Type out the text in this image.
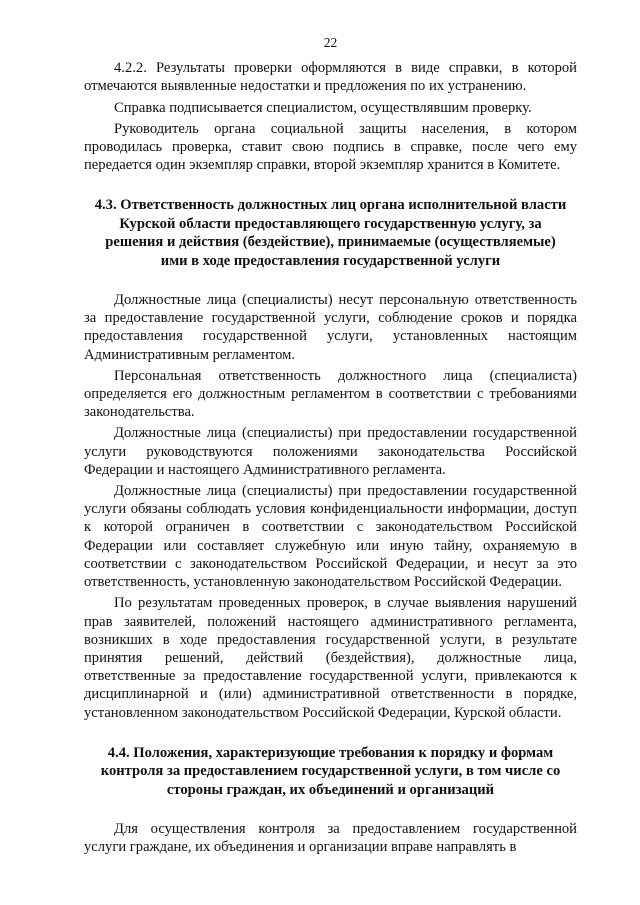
22

4.2.2. Результаты проверки оформляются в виде справки, в которой отмечаются выявленные недостатки и предложения по их устранению.

Справка подписывается специалистом, осуществлявшим проверку.

Руководитель органа социальной защиты населения, в котором проводилась проверка, ставит свою подпись в справке, после чего ему передается один экземпляр справки, второй экземпляр хранится в Комитете.

4.3. Ответственность должностных лиц органа исполнительной власти Курской области предоставляющего государственную услугу, за решения и действия (бездействие), принимаемые (осуществляемые) ими в ходе предоставления государственной услуги

Должностные лица (специалисты) несут персональную ответственность за предоставление государственной услуги, соблюдение сроков и порядка предоставления государственной услуги, установленных настоящим Административным регламентом.

Персональная ответственность должностного лица (специалиста) определяется его должностным регламентом в соответствии с требованиями законодательства.

Должностные лица (специалисты) при предоставлении государственной услуги руководствуются положениями законодательства Российской Федерации и настоящего Административного регламента.

Должностные лица (специалисты) при предоставлении государственной услуги обязаны соблюдать условия конфиденциальности информации, доступ к которой ограничен в соответствии с законодательством Российской Федерации или составляет служебную или иную тайну, охраняемую в соответствии с законодательством Российской Федерации, и несут за это ответственность, установленную законодательством Российской Федерации.

По результатам проведенных проверок, в случае выявления нарушений прав заявителей, положений настоящего административного регламента, возникших в ходе предоставления государственной услуги, в результате принятия решений, действий (бездействия), должностные лица, ответственные за предоставление государственной услуги, привлекаются к дисциплинарной и (или) административной ответственности в порядке, установленном законодательством Российской Федерации, Курской области.

4.4. Положения, характеризующие требования к порядку и формам контроля за предоставлением государственной услуги, в том числе со стороны граждан, их объединений и организаций

Для осуществления контроля за предоставлением государственной услуги граждане, их объединения и организации вправе направлять в
